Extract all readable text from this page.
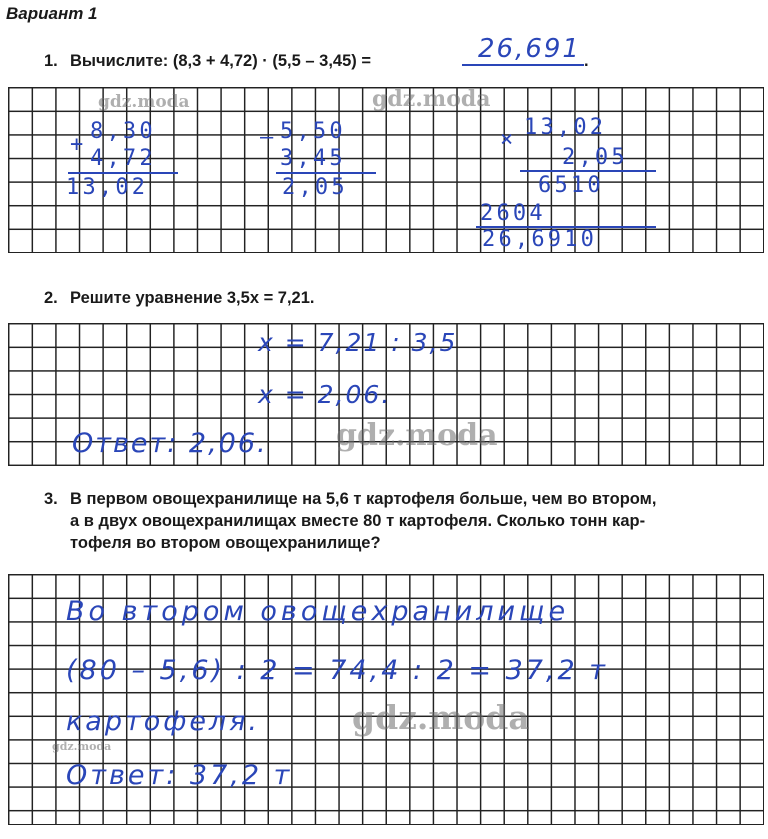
Вариант 1
1. Вычислите: (8,3 + 4,72) · (5,5 – 3,45) =	26,691 .
+
8,30
4,72
13,02
– 5,50
3,45
2,05
× 13,02
2,05
6510
2604
26,6910
gdz.moda	gdz.moda
2. Решите уравнение 3,5x = 7,21.
x = 7,21 : 3,5
x = 2,06.
Ответ: 2,06. gdz.moda
3. В первом овощехранилище на 5,6 т картофеля больше, чем во втором,
а в двух овощехранилищах вместе 80 т картофеля. Сколько тонн кар-
тофеля во втором овощехранилище?
Во втором овощехранилище
(80 – 5,6) : 2 = 74,4 : 2 = 37,2 т
картофеля.
Ответ: 37,2 т
gdz.moda
gdz.moda
